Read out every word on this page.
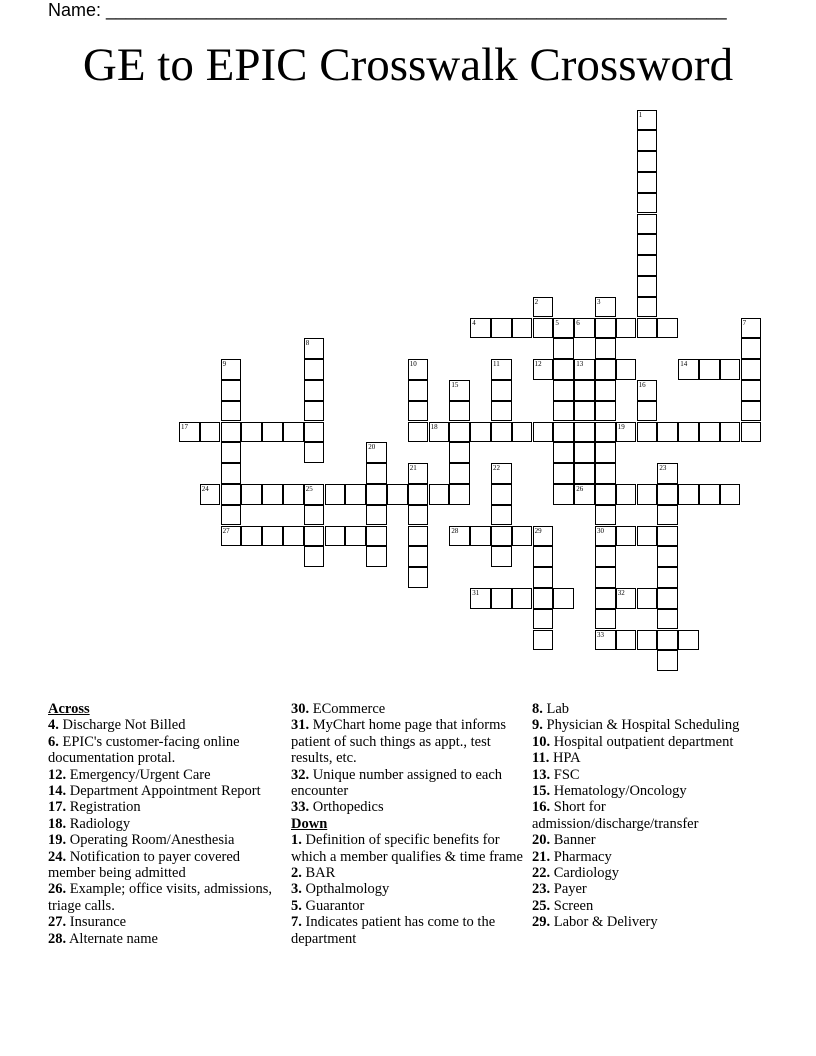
Name: ______________________________________________________________
GE to EPIC Crosswalk Crossword
1
2	3
30
4	5 6	7
8
9
27
10	11	12	13	14
15	16
17	18	19
20
21	22	23
24	25	26
28	29
31	32
33
Across
4. Discharge Not Billed
6. EPIC's customer-facing online documentation protal.
12. Emergency/Urgent Care
14. Department Appointment Report
17. Registration
18. Radiology
19. Operating Room/Anesthesia
24. Notification to payer covered member being admitted
26. Example; office visits, admissions, triage calls.
27. Insurance
28. Alternate name
30. ECommerce
31. MyChart home page that informs patient of such things as appt., test results, etc.
32. Unique number assigned to each encounter
33. Orthopedics
Down
1. Definition of specific benefits for which a member qualifies & time frame
2. BAR
3. Opthalmology
5. Guarantor
7. Indicates patient has come to the department
8. Lab
9. Physician & Hospital Scheduling
10. Hospital outpatient department
11. HPA
13. FSC
15. Hematology/Oncology
16. Short for admission/discharge/transfer
20. Banner
21. Pharmacy
22. Cardiology
23. Payer
25. Screen
29. Labor & Delivery
